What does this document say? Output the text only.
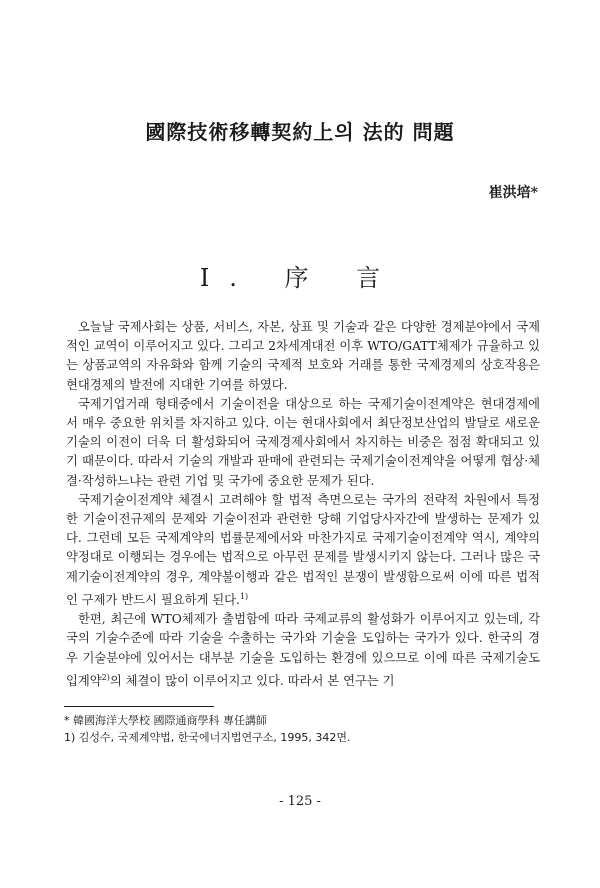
國際技術移轉契約上의 法的 問題
崔洪培*
Ⅰ. 序 言

오늘날 국제사회는 상품, 서비스, 자본, 상표 및 기술과 같은 다양한 경제분야에서 국제적인 교역이 이루어지고 있다. 그리고 2차세계대전 이후 WTO/GATT체제가 규율하고 있는 상품교역의 자유화와 함께 기술의 국제적 보호와 거래를 통한 국제경제의 상호작용은 현대경제의 발전에 지대한 기여를 하였다.

국제기업거래 형태중에서 기술이전을 대상으로 하는 국제기술이전계약은 현대경제에서 매우 중요한 위치를 차지하고 있다. 이는 현대사회에서 최단정보산업의 발달로 새로운 기술의 이전이 더욱 더 활성화되어 국제경제사회에서 차지하는 비중은 점점 확대되고 있기 때문이다. 따라서 기술의 개발과 판매에 관련되는 국제기술이전계약을 어떻게 협상·체결·작성하느냐는 관련 기업 및 국가에 중요한 문제가 된다.

국제기술이전계약 체결시 고려해야 할 법적 측면으로는 국가의 전략적 차원에서 특정한 기술이전규제의 문제와 기술이전과 관련한 당해 기업당사자간에 발생하는 문제가 있다. 그런데 모든 국제계약의 법률문제에서와 마찬가지로 국제기술이전계약 역시, 계약의 약정대로 이행되는 경우에는 법적으로 아무런 문제를 발생시키지 않는다. 그러나 많은 국제기술이전계약의 경우, 계약불이행과 같은 법적인 분쟁이 발생함으로써 이에 따른 법적인 구제가 반드시 필요하게 된다.$^{1)}$

한편, 최근에 WTO체제가 출범함에 따라 국제교류의 활성화가 이루어지고 있는데, 각국의 기술수준에 따라 기술을 수출하는 국가와 기술을 도입하는 국가가 있다. 한국의 경우 기술분야에 있어서는 대부분 기술을 도입하는 환경에 있으므로 이에 따른 국제기술도입계약$^{2)}$의 체결이 많이 이루어지고 있다. 따라서 본 연구는 기

* 韓國海洋大學校 國際通商學科 專任講師
1) 김성수, 국제계약법, 한국에너지법연구소, 1995, 342면.
- 125 -
